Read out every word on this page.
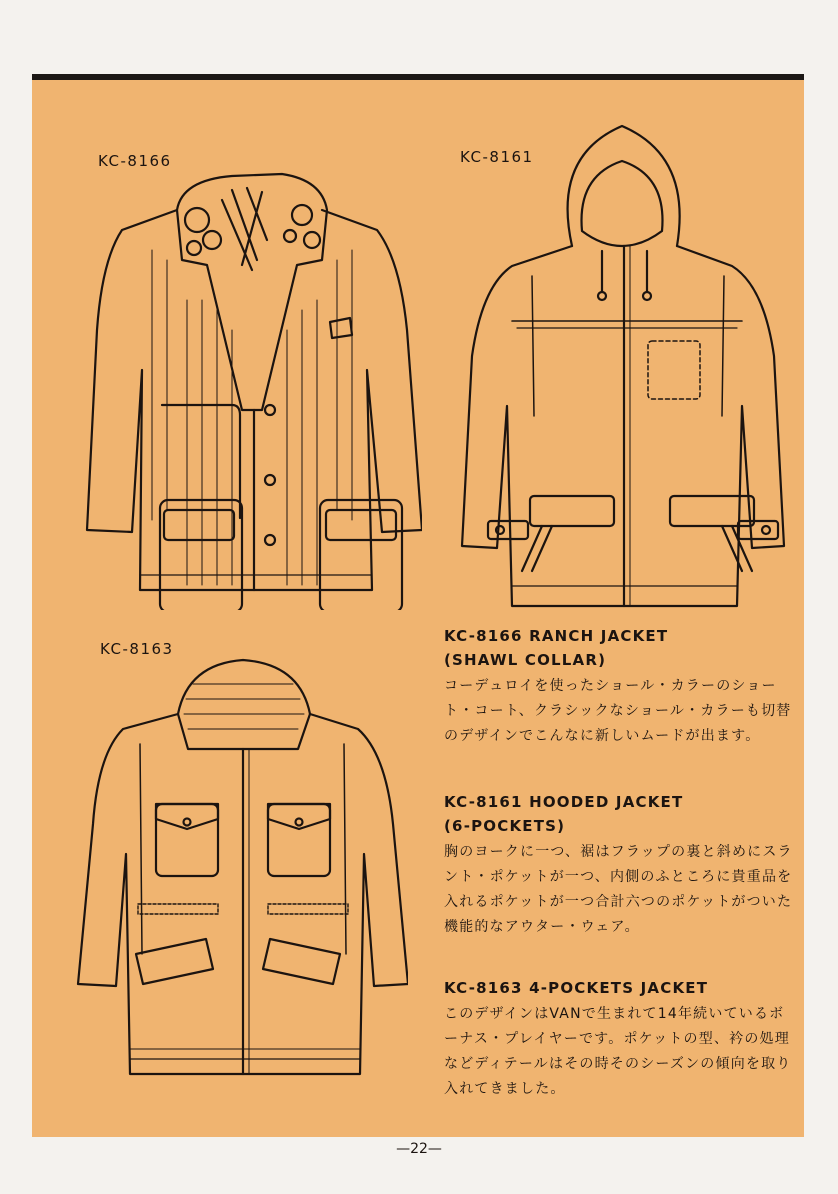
KC-8166	KC-8161
KC-8163
KC-8166 RANCH JACKET
(SHAWL COLLAR)
コーデュロイを使ったショール・カラーのショート・コート、クラシックなショール・カラーも切替のデザインでこんなに新しいムードが出ます。
KC-8161 HOODED JACKET
(6-POCKETS)
胸のヨークに一つ、裾はフラップの裏と斜めにスラント・ポケットが一つ、内側のふところに貴重品を入れるポケットが一つ合計六つのポケットがついた機能的なアウター・ウェア。
KC-8163 4-POCKETS JACKET
このデザインはVANで生まれて14年続いているボーナス・プレイヤーです。ポケットの型、衿の処理などディテールはその時そのシーズンの傾向を取り入れてきました。
—22—
